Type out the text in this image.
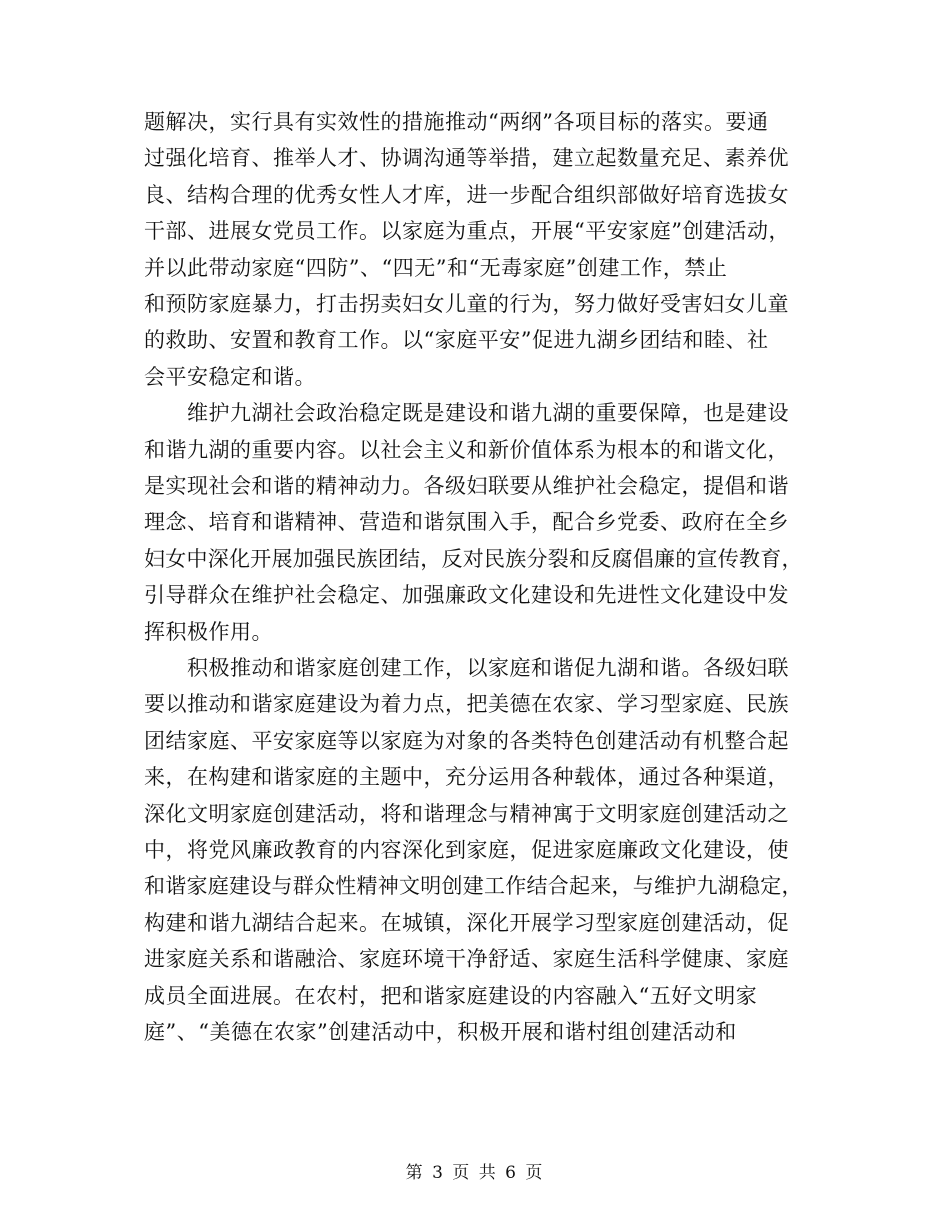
题解决，实行具有实效性的措施推动“两纲”各项目标的落实。要通
过强化培育、推举人才、协调沟通等举措，建立起数量充足、素养优
良、结构合理的优秀女性人才库，进一步配合组织部做好培育选拔女
干部、进展女党员工作。以家庭为重点，开展“平安家庭”创建活动，
并以此带动家庭“四防”、“四无”和“无毒家庭”创建工作，禁止
和预防家庭暴力，打击拐卖妇女儿童的行为，努力做好受害妇女儿童
的救助、安置和教育工作。以“家庭平安”促进九湖乡团结和睦、社
会平安稳定和谐。
　　维护九湖社会政治稳定既是建设和谐九湖的重要保障，也是建设
和谐九湖的重要内容。以社会主义和新价值体系为根本的和谐文化，
是实现社会和谐的精神动力。各级妇联要从维护社会稳定，提倡和谐
理念、培育和谐精神、营造和谐氛围入手，配合乡党委、政府在全乡
妇女中深化开展加强民族团结，反对民族分裂和反腐倡廉的宣传教育，
引导群众在维护社会稳定、加强廉政文化建设和先进性文化建设中发
挥积极作用。
　　积极推动和谐家庭创建工作，以家庭和谐促九湖和谐。各级妇联
要以推动和谐家庭建设为着力点，把美德在农家、学习型家庭、民族
团结家庭、平安家庭等以家庭为对象的各类特色创建活动有机整合起
来，在构建和谐家庭的主题中，充分运用各种载体，通过各种渠道，
深化文明家庭创建活动，将和谐理念与精神寓于文明家庭创建活动之
中，将党风廉政教育的内容深化到家庭，促进家庭廉政文化建设，使
和谐家庭建设与群众性精神文明创建工作结合起来，与维护九湖稳定，
构建和谐九湖结合起来。在城镇，深化开展学习型家庭创建活动，促
进家庭关系和谐融洽、家庭环境干净舒适、家庭生活科学健康、家庭
成员全面进展。在农村，把和谐家庭建设的内容融入“五好文明家
庭”、“美德在农家”创建活动中，积极开展和谐村组创建活动和
第 3 页 共 6 页
